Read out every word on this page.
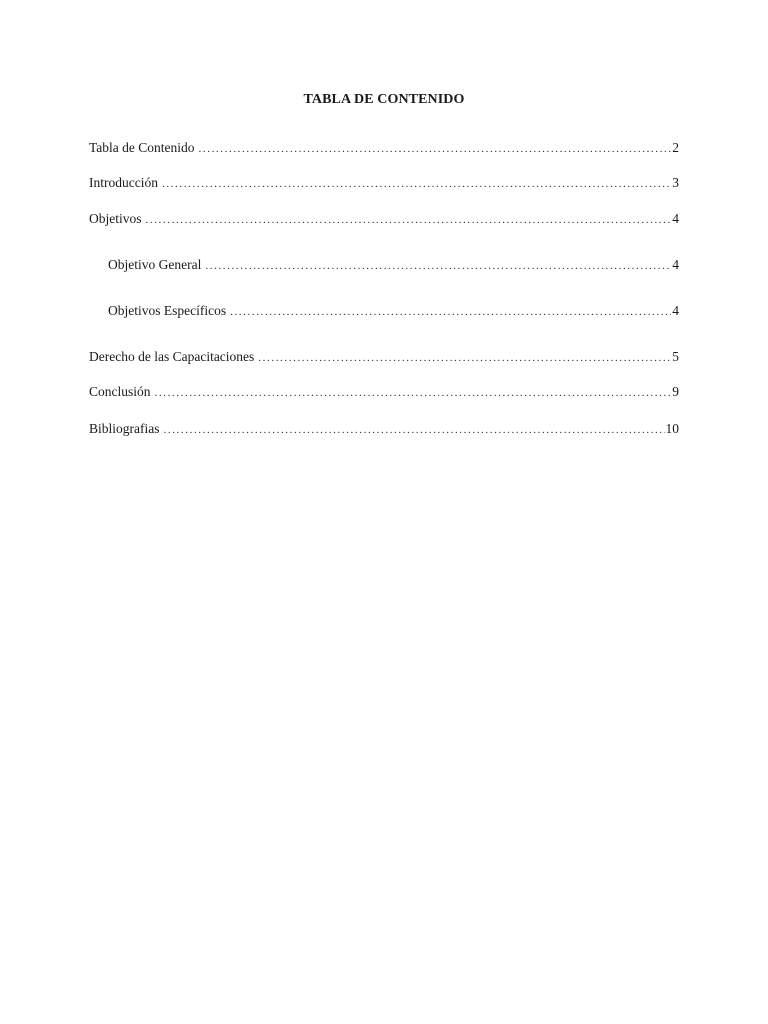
TABLA DE CONTENIDO
Tabla de Contenido .....	2
Introducción .....	3
Objetivos .....	4
Objetivo General .....	4
Objetivos Específicos .....	4
Derecho de las Capacitaciones .....	5
Conclusión .....	9
Bibliografias .....	10
